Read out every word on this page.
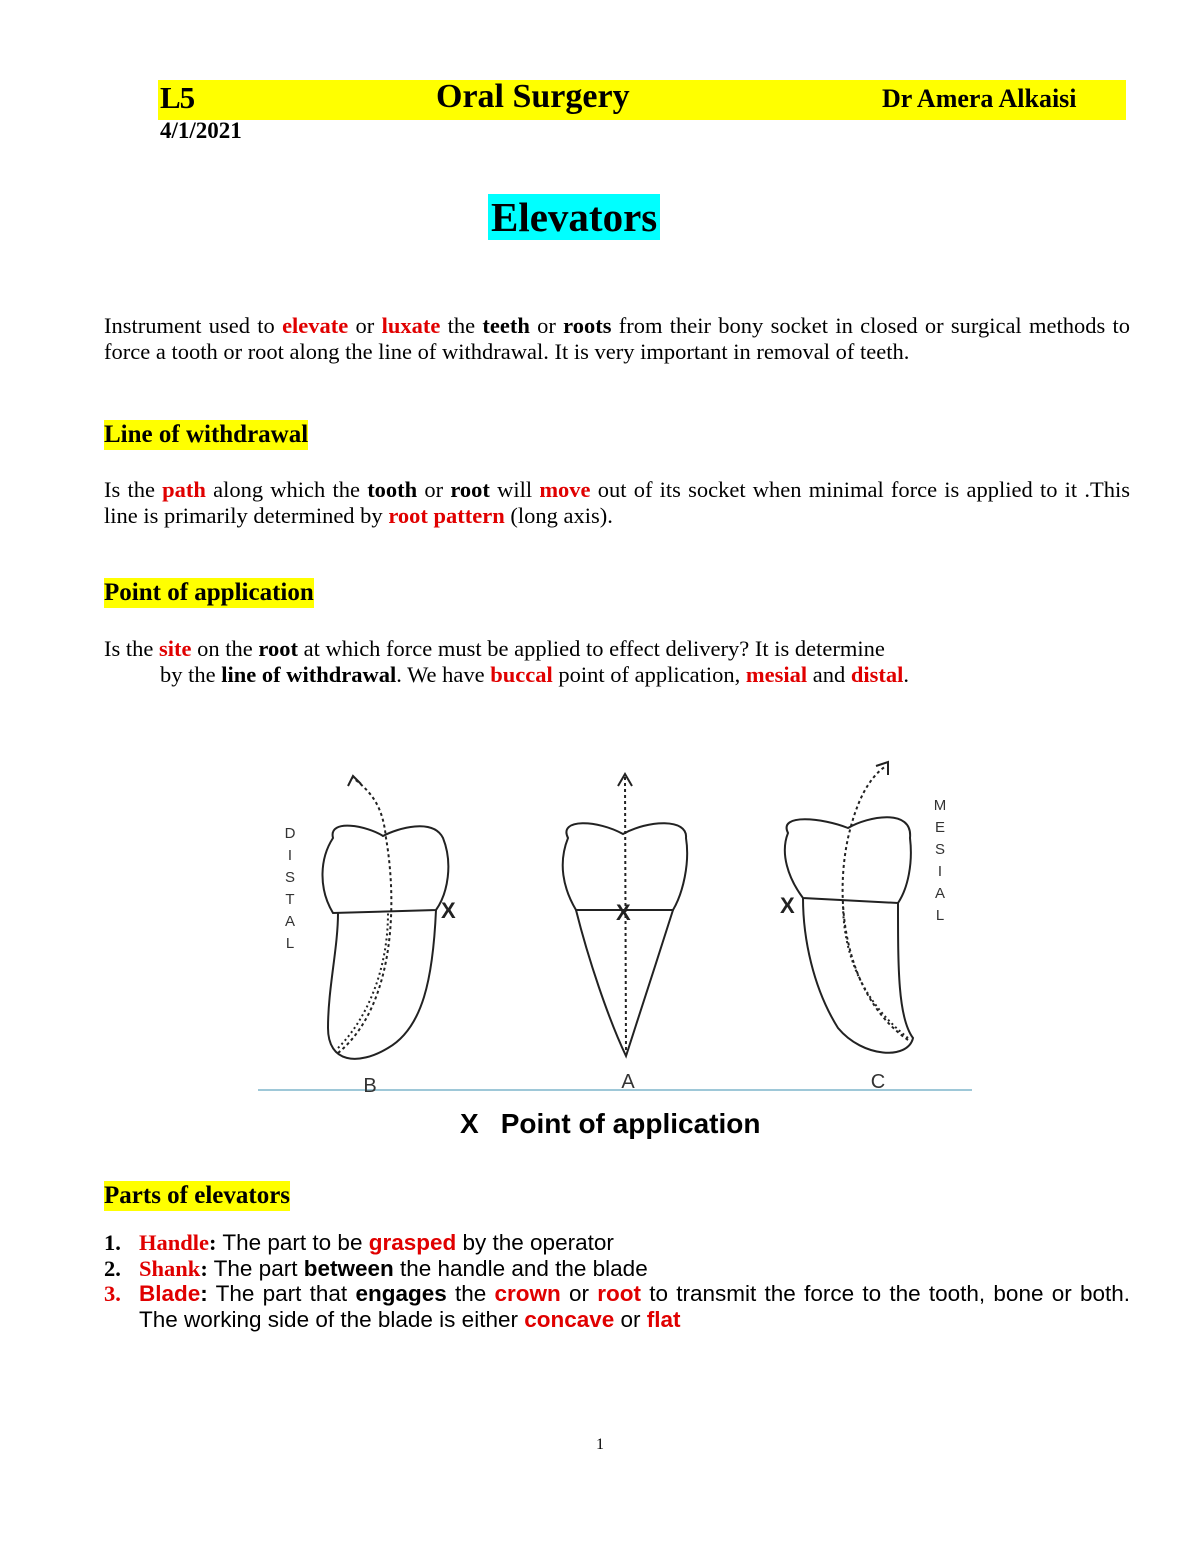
L5	Oral Surgery	Dr Amera Alkaisi
4/1/2021
Elevators
Instrument used to elevate or luxate the teeth or roots from their bony socket in closed or surgical methods to force a tooth or root along the line of withdrawal. It is very important in removal of teeth.
Line of withdrawal
Is the path along which the tooth or root will move out of its socket when minimal force is applied to it .This line is primarily determined by root pattern (long axis).
Point of application
Is the site on the root at which force must be applied to effect delivery? It is determine
by the line of withdrawal. We have buccal point of application, mesial and distal.
X	X	X
D I S T A L
M E S I A L
B	A	C
X Point of application
Parts of elevators
1. Handle: The part to be grasped by the operator
2. Shank: The part between the handle and the blade
3. Blade: The part that engages the crown or root to transmit the force to the tooth, bone or both. The working side of the blade is either concave or flat
1
